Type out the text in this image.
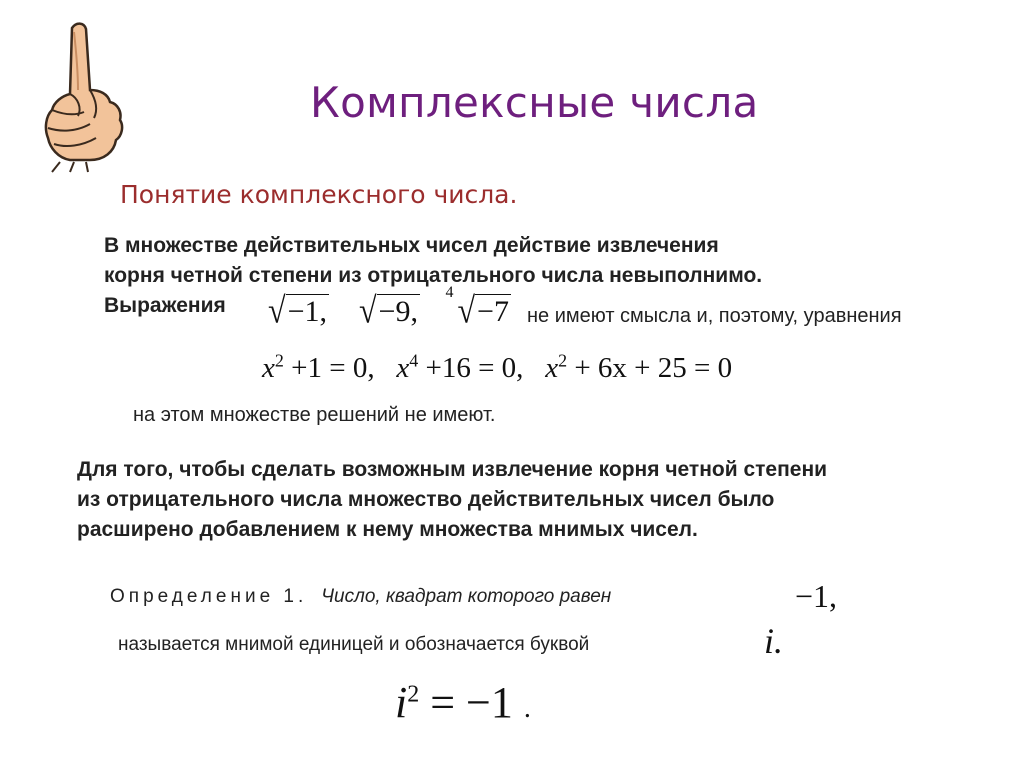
Комплексные числа
Понятие комплексного числа.
В множестве действительных чисел действие извлечения
корня четной степени из отрицательного числа невыполнимо.
Выражения	√−1, √−9,
4 √−7 не имеют смысла и, поэтому, уравнения
$x^2 +1 = 0$, $x^4 +16 = 0$, $x^2 + 6x + 25 = 0$
на этом множестве решений не имеют.
Для того, чтобы сделать возможным извлечение корня четной степени
из отрицательного числа множество действительных чисел было
расширено добавлением к нему множества мнимых чисел.
Определение 1. Число, квадрат которого равен	−1,
называется мнимой единицей и обозначается буквой	i.
$i^2 = -1$ .
